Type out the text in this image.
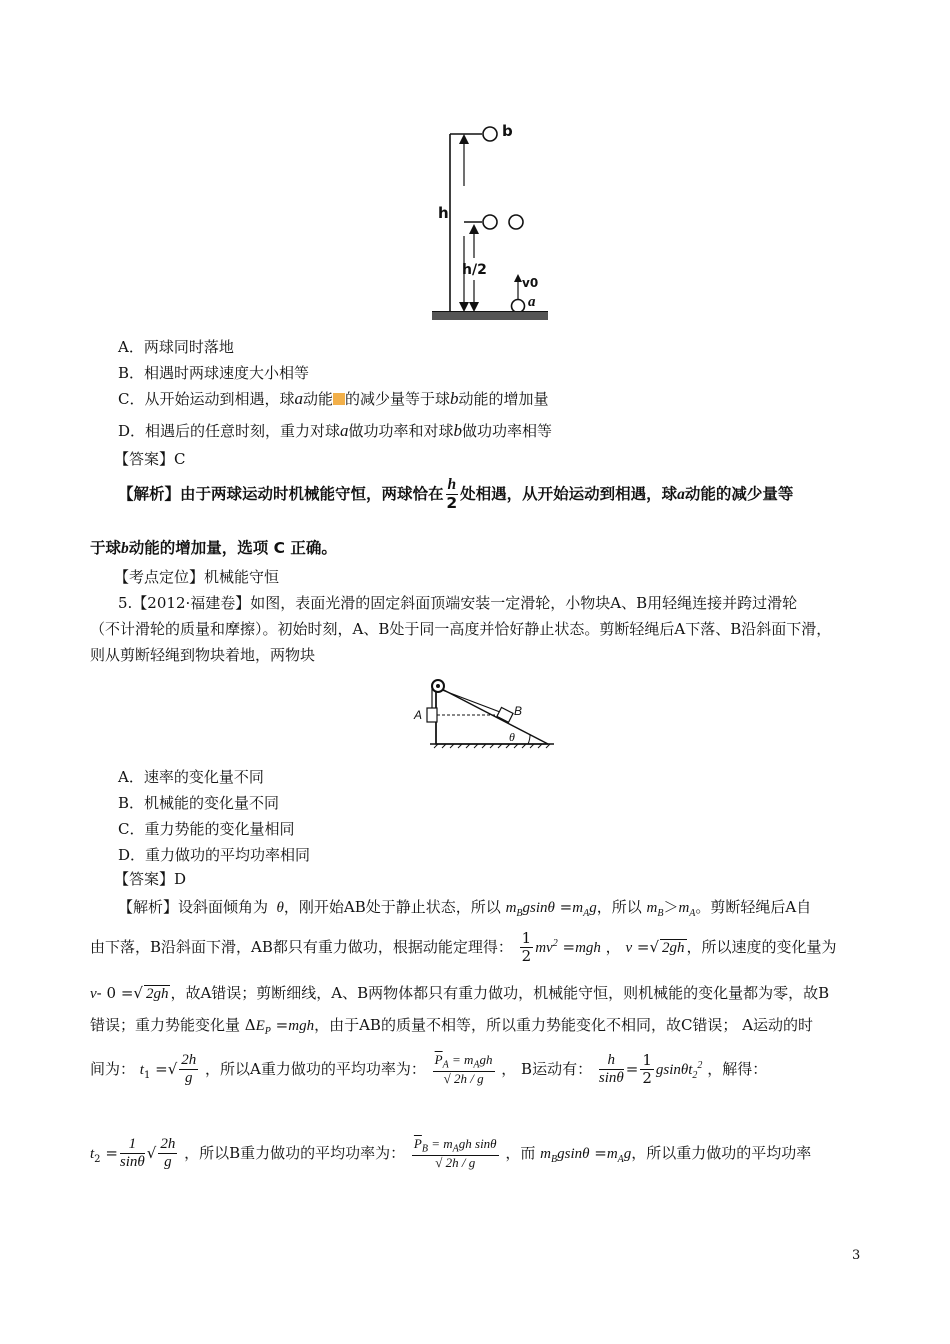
b
h
h/2
v0
a
A．两球同时落地
B．相遇时两球速度大小相等
C．从开始运动到相遇，球a动能 的减少量等于球b动能的增加量
D．相遇后的任意时刻，重力对球a做功功率和对球b做功功率相等
【答案】C
【解析】由于两球运动时机械能守恒，两球恰在 $\frac{h}{2}$ 处相遇，从开始运动到相遇，球a动能的减少量等
于球b动能的增加量，选项 C 正确。
【考点定位】机械能守恒
5.【2012·福建卷】如图，表面光滑的固定斜面顶端安装一定滑轮，小物块A、B用轻绳连接并跨过滑轮
（不计滑轮的质量和摩擦）。初始时刻，A、B处于同一高度并恰好静止状态。剪断轻绳后A下落、B沿斜面下滑，
则从剪断轻绳到物块着地，两物块
A	B
θ
A．速率的变化量不同
B．机械能的变化量不同
C．重力势能的变化量相同
D．重力做功的平均功率相同
【答案】D
【解析】设斜面倾角为  θ，刚开始AB处于静止状态，所以 $m_Bgsin\theta =m_Ag$，所以 $m_B>m_A$。剪断轻绳后A自
由下落，B沿斜面下滑，AB都只有重力做功，根据动能定理得： $\frac{1}{2} mv^2 =mgh$ ， v =√ 2gh ，所以速度的变化量为
v- 0 =√ 2gh ，故A错误；剪断细线，A、B两物体都只有重力做功，机械能守恒，则机械能的变化量都为零，故B
错误；重力势能变化量 $\Delta E_P =mgh$，由于AB的质量不相等，所以重力势能变化不相同，故C错误； A运动的时
间为： $t_1$ =√ $\frac{2h}{g}$ ，所以A重力做功的平均功率为： $\frac{\overline{P}_A = m_Agh}{√ 2h / g}$ ， B运动有： $\frac{h}{\sin\theta} = \frac{1}{2} gsin\theta t_2^2$ ，解得：
$t_2 = \frac{1}{\sin\theta}$ √ $\frac{2h}{g}$ ，所以B重力做功的平均功率为： $\frac{\overline{P}_B = m_Agh \sin\theta}{√ 2h / g}$ ，而 $m_Bgsin\theta =m_Ag$，所以重力做功的平均功率
3
